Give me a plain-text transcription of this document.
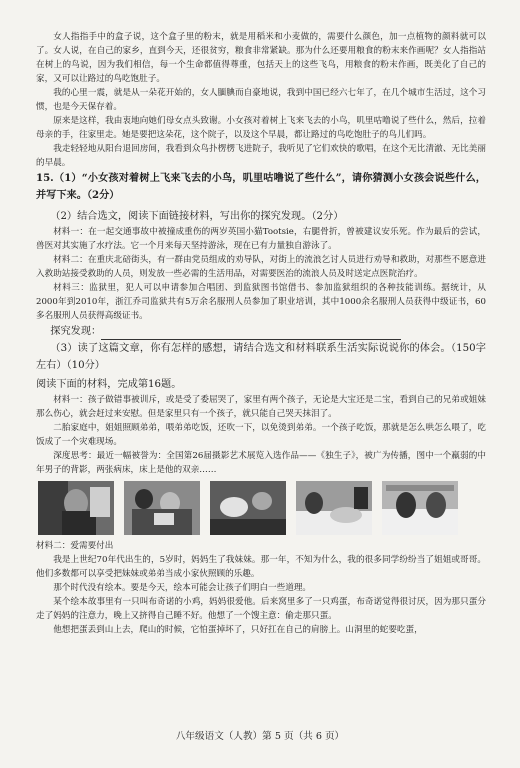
女人指指手中的盒子说，这个盒子里的粉末，就是用稻米和小麦做的，需要什么颜色，加一点植物的颜料就可以了。女人说，在自己的家乡，直到今天，还很贫穷，粮食非常紧缺。那为什么还要用粮食的粉末来作画呢？女人指指站在树上的鸟说，因为我们相信，每一个生命都值得尊重，包括天上的这些飞鸟，用粮食的粉末作画，既美化了自己的家，又可以让路过的鸟吃饱肚子。

我的心里一震，就是从一朵花开始的，女人腼腆而自豪地说，我到中国已经六七年了，在几个城市生活过，这个习惯，也是今天保存着。

原来是这样，我由衷地向她们母女点头致谢。小女孩对着树上飞来飞去的小鸟，叽里咕噜说了些什么，然后，拉着母亲的手，往家里走。她是要把这朵花，这个院子，以及这个早晨，都让路过的鸟吃饱肚子的鸟儿们吗。

我走轻轻地从阳台退回房间，我看到众鸟扑楞楞飞进院子，我听见了它们欢快的歌唱，在这个无比清澈、无比美丽的早晨。

15.（1）“小女孩对着树上飞来飞去的小鸟，叽里咕噜说了些什么”，请你猜测小女孩会说些什么，并写下来。（2分）

（2）结合选文，阅读下面链接材料，写出你的探究发现。（2分）

材料一：在一起交通事故中被撞成重伤的两岁英国小猫Tootsie，右腿骨折，曾被建议安乐死。作为最后的尝试，兽医对其实施了水疗法。它一个月来每天坚持游泳，现在已有力量独自游泳了。

材料二：在重庆北碚街头，有一群由党员组成的劝导队，对街上的流浪乞讨人员进行劝导和救助，对那些不愿意进入救助站接受救助的人员，则发放一些必需的生活用品，对需要医治的流浪人员及时送定点医院治疗。

材料三：监狱里，犯人可以申请参加合唱团、到监狱图书馆借书、参加监狱组织的各种技能训练。据统计，从2000年到2010年，浙江乔司监狱共有5万余名服刑人员参加了职业培训，其中1000余名服刑人员获得中级证书，60多名服刑人员获得高级证书。

探究发现：

（3）读了这篇文章，你有怎样的感想，请结合选文和材料联系生活实际说说你的体会。（150字左右）（10分）

阅读下面的材料，完成第16题。

材料一：孩子做错事被训斥，或是受了委屈哭了，家里有两个孩子，无论是大宝还是二宝，看到自己的兄弟或姐妹那么伤心，就会赶过来安慰。但是家里只有一个孩子，就只能自己哭天抹泪了。

二胎家庭中，姐姐照顾弟弟，喂弟弟吃饭，还吹一下，以免烫到弟弟。一个孩子吃饭，那就是怎么哄怎么喂了，吃饭成了一个灾难现场。

深度思考：最近一幅被誉为：全国第26届摄影艺术展览入选作品——《独生子》，被广为传播，图中一个羸弱的中年男子的背影，两张病床，床上是他的双亲……

材料二：爱需要付出

我是上世纪70年代出生的，5岁时，妈妈生了我妹妹。那一年，不知为什么，我的很多同学纷纷当了姐姐或哥哥。他们多数都可以享受把妹妹或弟弟当成小家伙照顾的乐趣。

那个时代没有绘本。要是今天，绘本可能会让孩子们明白一些道理。

某个绘本故事里有一只叫布奇诺的小鸡，妈妈很爱他。后来窝里多了一只鸡蛋，布奇诺觉得很讨厌，因为那只蛋分走了妈妈的注意力，晚上又挤得自己睡不好。他想了一个馊主意：偷走那只蛋。

他想把蛋丢到山上去，爬山的时候，它怕蛋掉坏了，只好扛在自己的肩膀上。山洞里的蛇要吃蛋，

八年级语文（人教）第 5 页（共 6 页）
